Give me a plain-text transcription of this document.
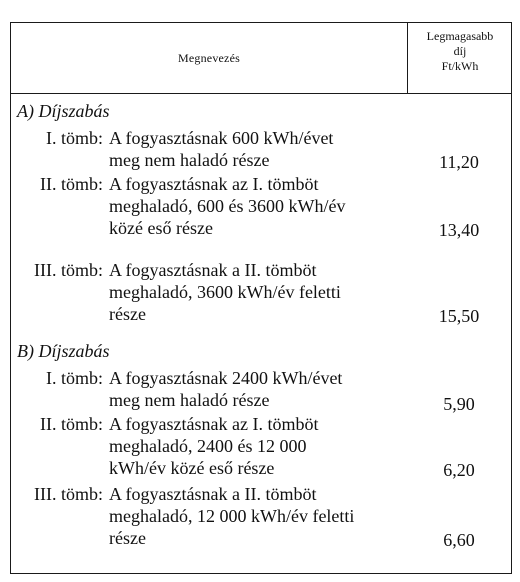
Megnevezés
Legmagasabb
díj
Ft/kWh
A) Díjszabás
I. tömb: A fogyasztásnak 600 kWh/évet
meg nem haladó része	11,20
II. tömb: A fogyasztásnak az I. tömböt
meghaladó, 600 és 3600 kWh/év
közé eső része	13,40
III. tömb: A fogyasztásnak a II. tömböt
meghaladó, 3600 kWh/év feletti
része	15,50
B) Díjszabás
I. tömb: A fogyasztásnak 2400 kWh/évet
meg nem haladó része	5,90
II. tömb: A fogyasztásnak az I. tömböt
meghaladó, 2400 és 12 000
kWh/év közé eső része	6,20
III. tömb: A fogyasztásnak a II. tömböt
meghaladó, 12 000 kWh/év feletti
része	6,60
